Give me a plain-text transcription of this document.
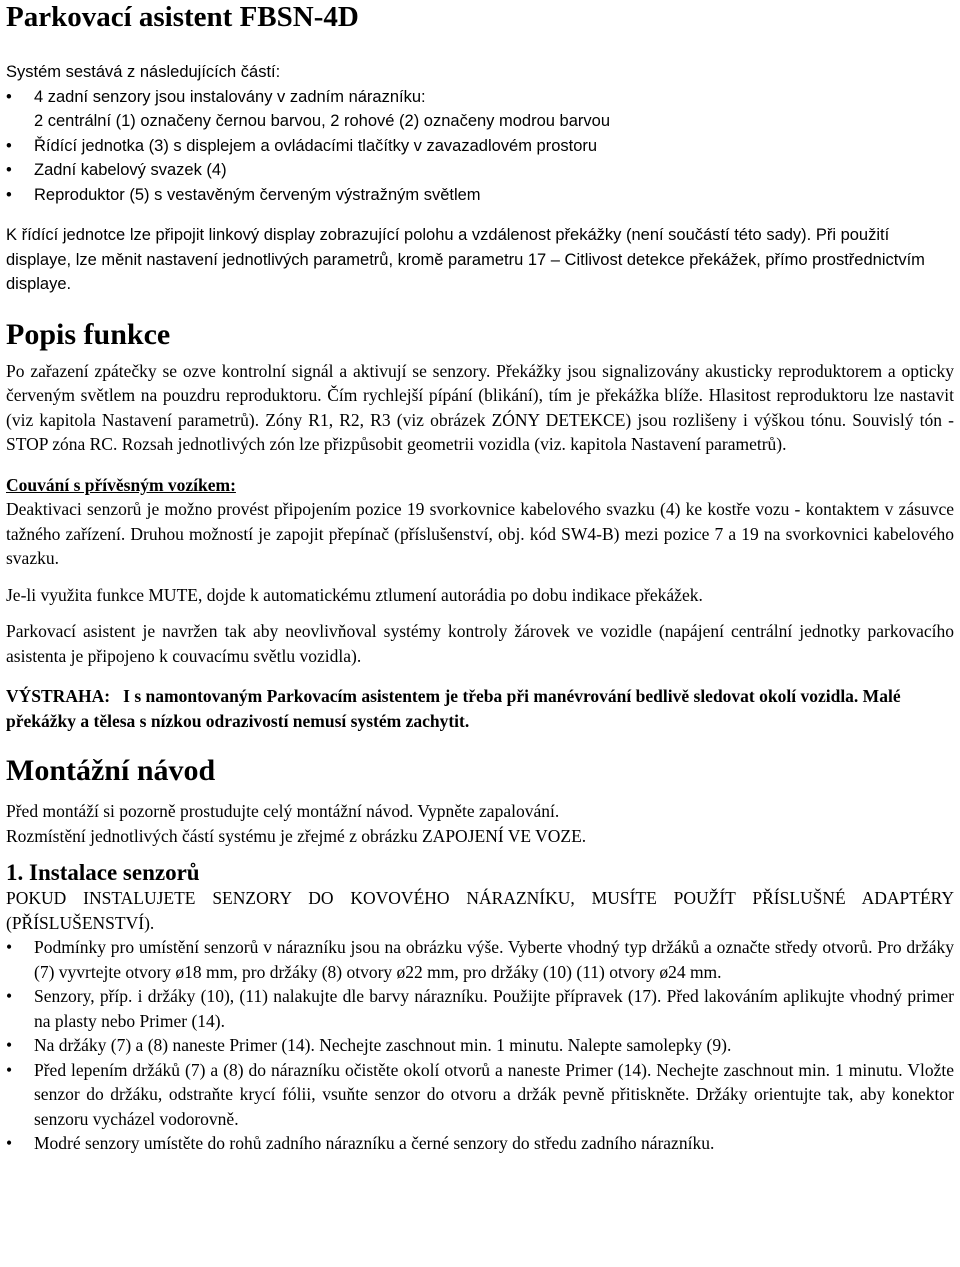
Parkovací asistent FBSN-4D

Systém sestává z následujících částí:

• 4 zadní senzory jsou instalovány v zadním nárazníku:
2 centrální (1) označeny černou barvou, 2 rohové (2) označeny modrou barvou
• Řídící jednotka (3) s displejem a ovládacími tlačítky v zavazadlovém prostoru
• Zadní kabelový svazek (4)
• Reproduktor (5) s vestavěným červeným výstražným světlem

K řídící jednotce lze připojit linkový display zobrazující polohu a vzdálenost překážky (není součástí této sady). Při použití displaye, lze měnit nastavení jednotlivých parametrů, kromě parametru 17 – Citlivost detekce překážek, přímo prostřednictvím displaye.

Popis funkce

Po zařazení zpátečky se ozve kontrolní signál a aktivují se senzory. Překážky jsou signalizovány akusticky reproduktorem a opticky červeným světlem na pouzdru reproduktoru. Čím rychlejší pípání (blikání), tím je překážka blíže. Hlasitost reproduktoru lze nastavit (viz kapitola Nastavení parametrů). Zóny R1, R2, R3 (viz obrázek ZÓNY DETEKCE) jsou rozlišeny i výškou tónu. Souvislý tón - STOP zóna RC. Rozsah jednotlivých zón lze přizpůsobit geometrii vozidla (viz. kapitola Nastavení parametrů).

Couvání s přívěsným vozíkem:

Deaktivaci senzorů je možno provést připojením pozice 19 svorkovnice kabelového svazku (4) ke kostře vozu - kontaktem v zásuvce tažného zařízení. Druhou možností je zapojit přepínač (příslušenství, obj. kód SW4-B) mezi pozice 7 a 19 na svorkovnici kabelového svazku.

Je-li využita funkce MUTE, dojde k automatickému ztlumení autorádia po dobu indikace překážek.

Parkovací asistent je navržen tak aby neovlivňoval systémy kontroly žárovek ve vozidle (napájení centrální jednotky parkovacího asistenta je připojeno k couvacímu světlu vozidla).

VÝSTRAHA: I s namontovaným Parkovacím asistentem je třeba při manévrování bedlivě sledovat okolí vozidla. Malé překážky a tělesa s nízkou odrazivostí nemusí systém zachytit.

Montážní návod

Před montáží si pozorně prostudujte celý montážní návod. Vypněte zapalování.

Rozmístění jednotlivých částí systému je zřejmé z obrázku ZAPOJENÍ VE VOZE.

1. Instalace senzorů

POKUD INSTALUJETE SENZORY DO KOVOVÉHO NÁRAZNÍKU, MUSÍTE POUŽÍT PŘÍSLUŠNÉ ADAPTÉRY (PŘÍSLUŠENSTVÍ).

• Podmínky pro umístění senzorů v nárazníku jsou na obrázku výše. Vyberte vhodný typ držáků a označte středy otvorů. Pro držáky (7) vyvrtejte otvory ø18 mm, pro držáky (8) otvory ø22 mm, pro držáky (10) (11) otvory ø24 mm.
• Senzory, příp. i držáky (10), (11) nalakujte dle barvy nárazníku. Použijte přípravek (17). Před lakováním aplikujte vhodný primer na plasty nebo Primer (14).
• Na držáky (7) a (8) naneste Primer (14). Nechejte zaschnout min. 1 minutu. Nalepte samolepky (9).
• Před lepením držáků (7) a (8) do nárazníku očistěte okolí otvorů a naneste Primer (14). Nechejte zaschnout min. 1 minutu. Vložte senzor do držáku, odstraňte krycí fólii, vsuňte senzor do otvoru a držák pevně přitiskněte. Držáky orientujte tak, aby konektor senzoru vycházel vodorovně.
• Modré senzory umístěte do rohů zadního nárazníku a černé senzory do středu zadního nárazníku.
